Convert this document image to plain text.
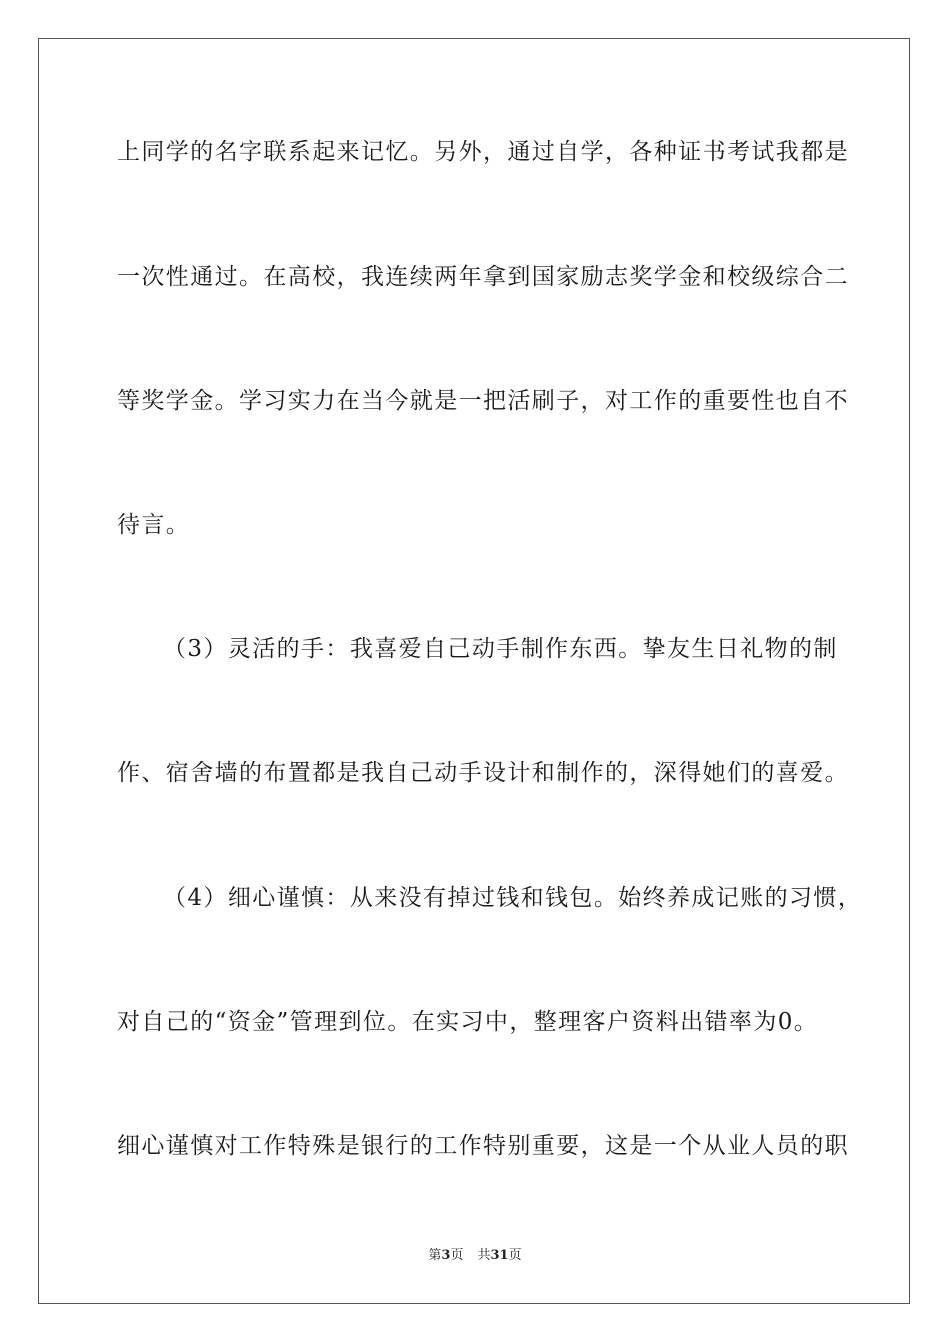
上同学的名字联系起来记忆。另外，通过自学，各种证书考试我都是
一次性通过。在高校，我连续两年拿到国家励志奖学金和校级综合二
等奖学金。学习实力在当今就是一把活刷子，对工作的重要性也自不
待言。
（3）灵活的手：我喜爱自己动手制作东西。挚友生日礼物的制
作、宿舍墙的布置都是我自己动手设计和制作的，深得她们的喜爱。
（4）细心谨慎：从来没有掉过钱和钱包。始终养成记账的习惯，
对自己的“资金”管理到位。在实习中，整理客户资料出错率为0。
细心谨慎对工作特殊是银行的工作特别重要，这是一个从业人员的职
第3页 共31页
